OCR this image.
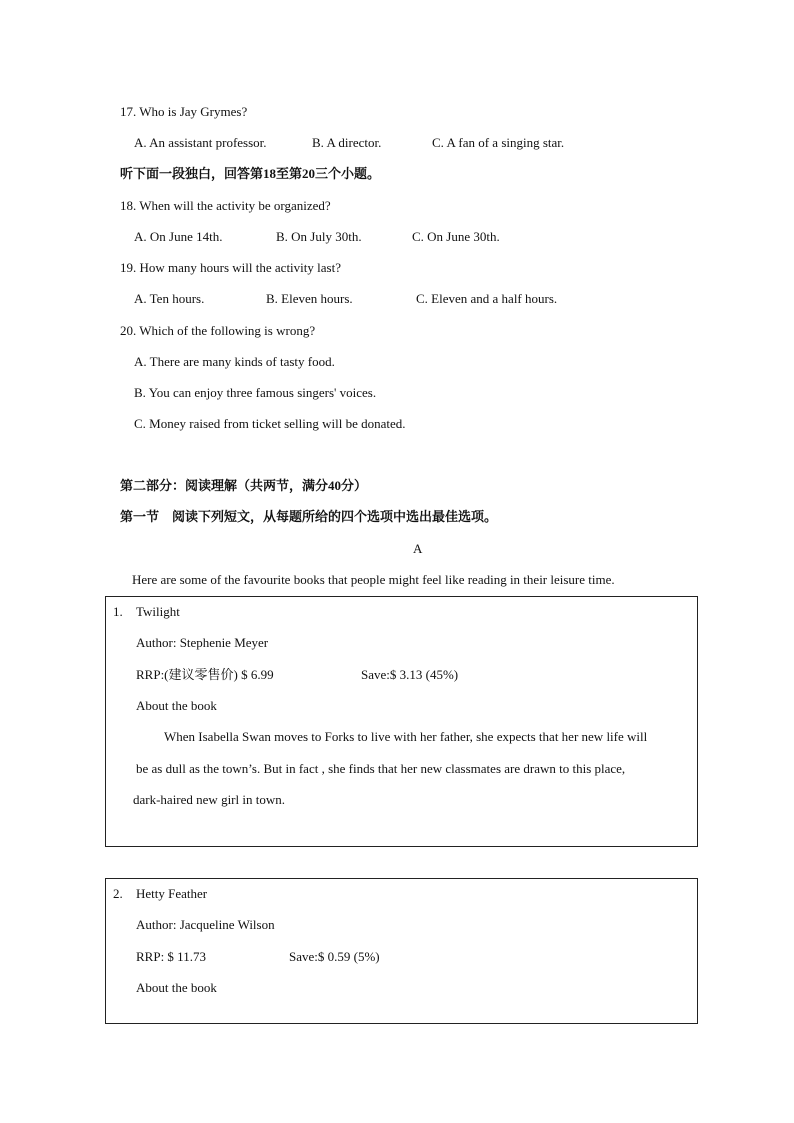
17. Who is Jay Grymes?
A. An assistant professor.	B. A director.	C. A fan of a singing star.
听下面一段独白，回答第18至第20三个小题。
18. When will the activity be organized?
A. On June 14th.	B. On July 30th.	C. On June 30th.
19. How many hours will the activity last?
A. Ten hours.	B. Eleven hours.	C. Eleven and a half hours.
20. Which of the following is wrong?
A. There are many kinds of tasty food.
B. You can enjoy three famous singers' voices.
C. Money raised from ticket selling will be donated.
第二部分：阅读理解（共两节，满分40分）
第一节　阅读下列短文，从每题所给的四个选项中选出最佳选项。
A
Here are some of the favourite books that people might feel like reading in their leisure time.
1. Twilight
Author: Stephenie Meyer
RRP:(建议零售价) $ 6.99	Save:$ 3.13 (45%)
About the book
When Isabella Swan moves to Forks to live with her father, she expects that her new life will
be as dull as the town’s. But in fact , she finds that her new classmates are drawn to this place,
dark-haired new girl in town.
2. Hetty Feather
Author: Jacqueline Wilson
RRP: $ 11.73	Save:$ 0.59 (5%)
About the book
